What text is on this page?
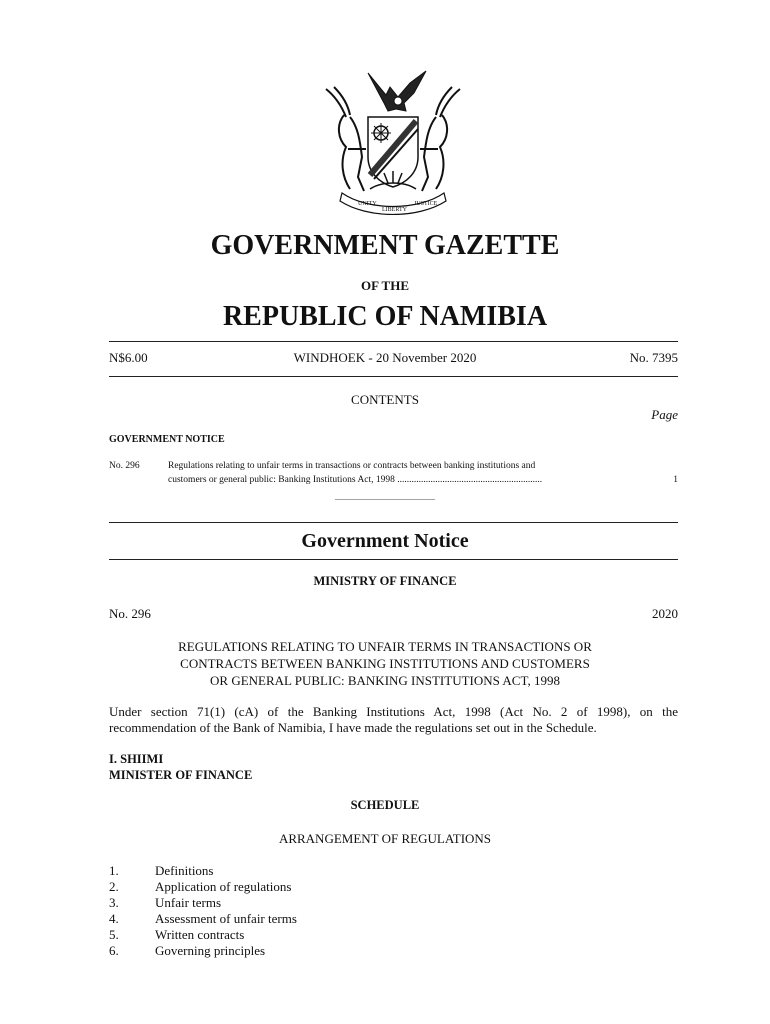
UNITY
LIBERTY
JUSTICE
GOVERNMENT GAZETTE
OF THE
REPUBLIC OF NAMIBIA
N$6.00	WINDHOEK - 20 November 2020	No. 7395
CONTENTS
Page
GOVERNMENT NOTICE
No. 296	Regulations relating to unfair terms in transactions or contracts between banking institutions and
customers or general public: Banking Institutions Act, 1998 .............................................................	1
____________________
Government Notice
MINISTRY OF FINANCE
No. 296	2020
REGULATIONS RELATING TO UNFAIR TERMS IN TRANSACTIONS OR
CONTRACTS BETWEEN BANKING INSTITUTIONS AND CUSTOMERS
OR GENERAL PUBLIC: BANKING INSTITUTIONS ACT, 1998
Under section 71(1) (cA) of the Banking Institutions Act, 1998 (Act No. 2 of 1998), on the
recommendation of the Bank of Namibia, I have made the regulations set out in the Schedule.
I. SHIIMI
MINISTER OF FINANCE
SCHEDULE
ARRANGEMENT OF REGULATIONS
1.	Definitions
2.	Application of regulations
3.	Unfair terms
4.	Assessment of unfair terms
5.	Written contracts
6.	Governing principles
